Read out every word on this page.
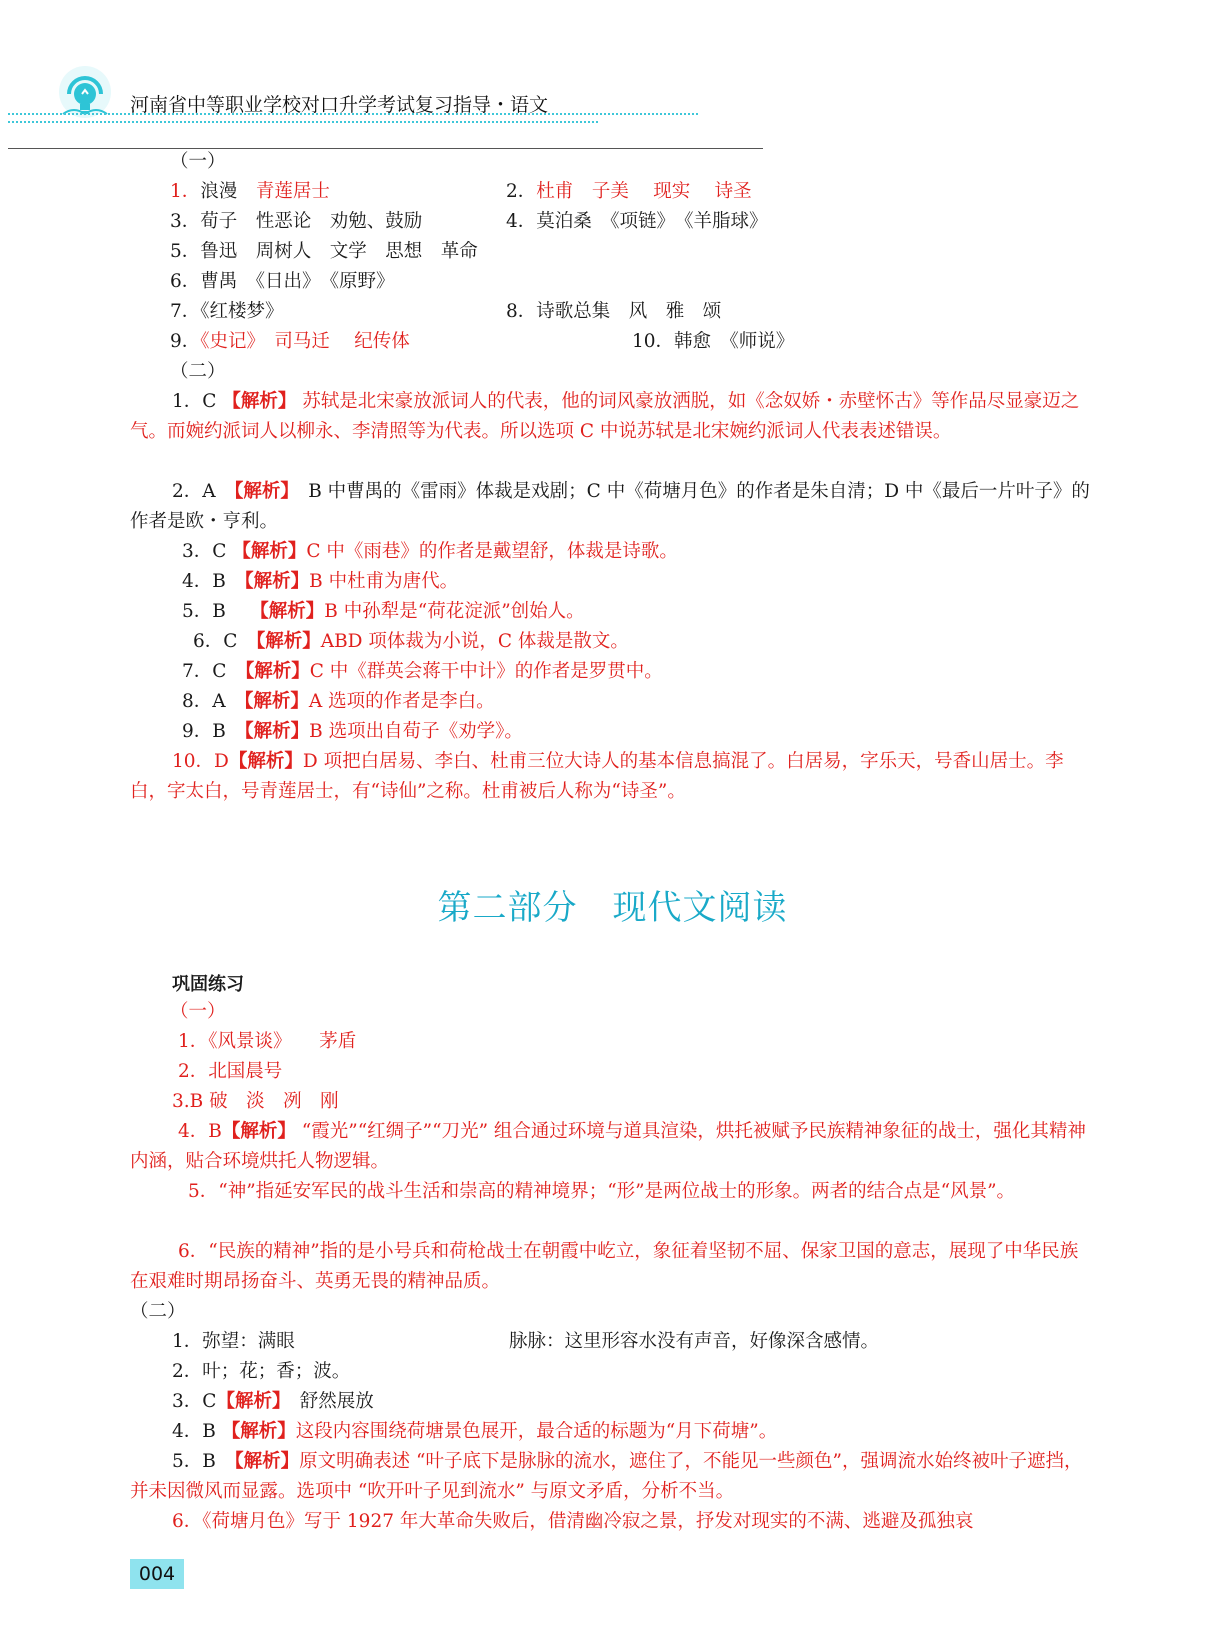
河南省中等职业学校对口升学考试复习指导・语文
（一）
1．浪漫　 青莲居士	2．杜甫　 子美　 现实　 诗圣
3．荀子　性恶论　劝勉、鼓励	4．莫泊桑　《项链》　《羊脂球》
5．鲁迅　周树人　文学　思想　革命
6．曹禺　《日出》　《原野》
7．《红楼梦》	8．诗歌总集　风　雅　颂
9．《史记》　 司马迁　 纪传体	10．韩愈　《师说》
（二）
1．C 【解析】 苏轼是北宋豪放派词人的代表，他的词风豪放洒脱，如《念奴娇・赤壁怀古》等作品尽显豪迈之气。而婉约派词人以柳永、李清照等为代表。所以选项 C 中说苏轼是北宋婉约派词人代表表述错误。
2．A　 【解析】　 B 中曹禺的《雷雨》体裁是戏剧；C 中《荷塘月色》的作者是朱自清；D 中《最后一片叶子》的作者是欧・亨利。
3．C 【解析】C 中《雨巷》的作者是戴望舒，体裁是诗歌。
4．B　 【解析】B 中杜甫为唐代。
5．B　 【解析】B 中孙犁是“荷花淀派”创始人。
6．C　 【解析】ABD 项体裁为小说，C 体裁是散文。
7．C　 【解析】C 中《群英会蒋干中计》的作者是罗贯中。
8．A　 【解析】A 选项的作者是李白。
9．B　 【解析】B 选项出自荀子《劝学》。
10．D【解析】D 项把白居易、李白、杜甫三位大诗人的基本信息搞混了。白居易，字乐天，号香山居士。李白，字太白，号青莲居士，有“诗仙”之称。杜甫被后人称为“诗圣”。
第二部分　现代文阅读
巩固练习
（一）
1．《风景谈》　　茅盾
2．北国晨号
3.B 破　淡　冽　刚
4．B【解析】 “霞光”“红绸子”“刀光” 组合通过环境与道具渲染，烘托被赋予民族精神象征的战士，强化其精神内涵，贴合环境烘托人物逻辑。
5．“神”指延安军民的战斗生活和崇高的精神境界；“形”是两位战士的形象。两者的结合点是“风景”。
6．“民族的精神”指的是小号兵和荷枪战士在朝霞中屹立，象征着坚韧不屈、保家卫国的意志，展现了中华民族在艰难时期昂扬奋斗、英勇无畏的精神品质。
（二）
1．弥望：满眼	脉脉：这里形容水没有声音，好像深含感情。
2．叶；花；香；波。
3．C【解析】　 舒然展放
4．B 【解析】这段内容围绕荷塘景色展开，最合适的标题为“月下荷塘”。
5．B　 【解析】原文明确表述 “叶子底下是脉脉的流水，遮住了，不能见一些颜色”，强调流水始终被叶子遮挡，并未因微风而显露。选项中 “吹开叶子见到流水” 与原文矛盾，分析不当。
6．《荷塘月色》写于 1927 年大革命失败后，借清幽冷寂之景，抒发对现实的不满、逃避及孤独哀
004
